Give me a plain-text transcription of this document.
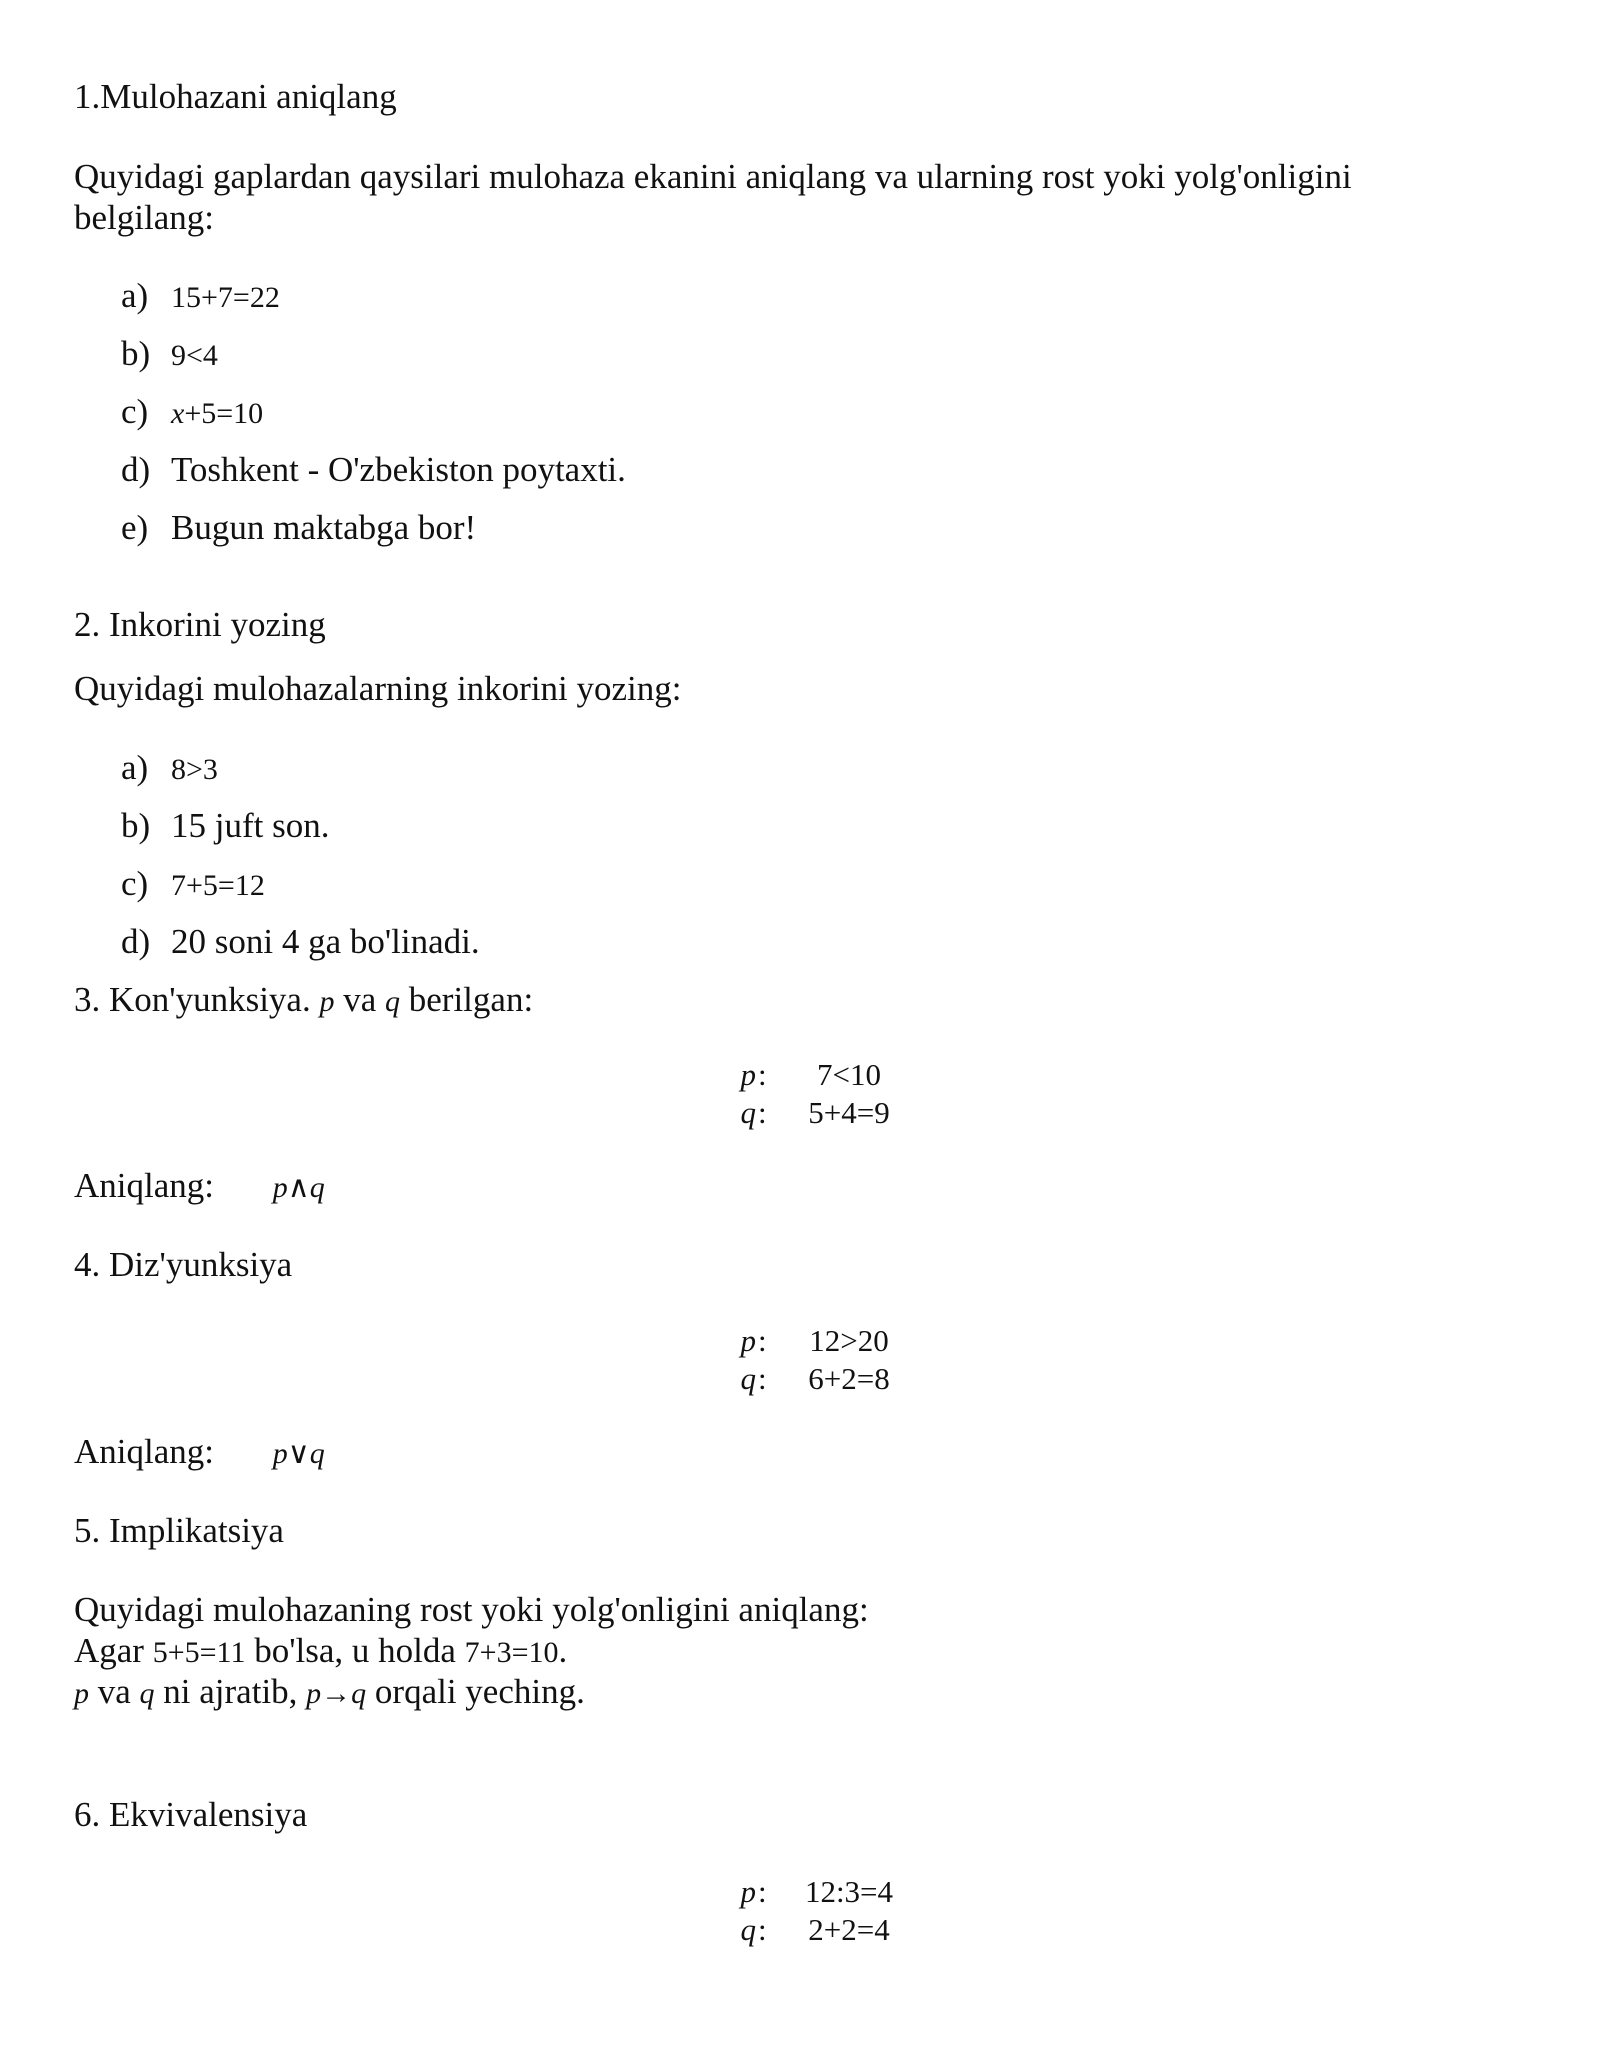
1.Mulohazani aniqlang
Quyidagi gaplardan qaysilari mulohaza ekanini aniqlang va ularning rost yoki yolg'onligini
belgilang:
a) 15+7=22
b) 9<4
c) x+5=10
d) Toshkent - O'zbekiston poytaxti.
e) Bugun maktabga bor!
2. Inkorini yozing
Quyidagi mulohazalarning inkorini yozing:
a) 8>3
b) 15 juft son.
c) 7+5=12
d) 20 soni 4 ga bo'linadi.
3. Kon'yunksiya. p va q berilgan:
p :	7<10
q :	5+4=9
Aniqlang: p∧q
4. Diz'yunksiya
p :	12>20
q :	6+2=8
Aniqlang: p∨q
5. Implikatsiya
Quyidagi mulohazaning rost yoki yolg'onligini aniqlang:
Agar 5+5=11 bo'lsa, u holda 7+3=10.
p va q ni ajratib, p→q orqali yeching.
6. Ekvivalensiya
p :	12:3=4
q :	2+2=4
